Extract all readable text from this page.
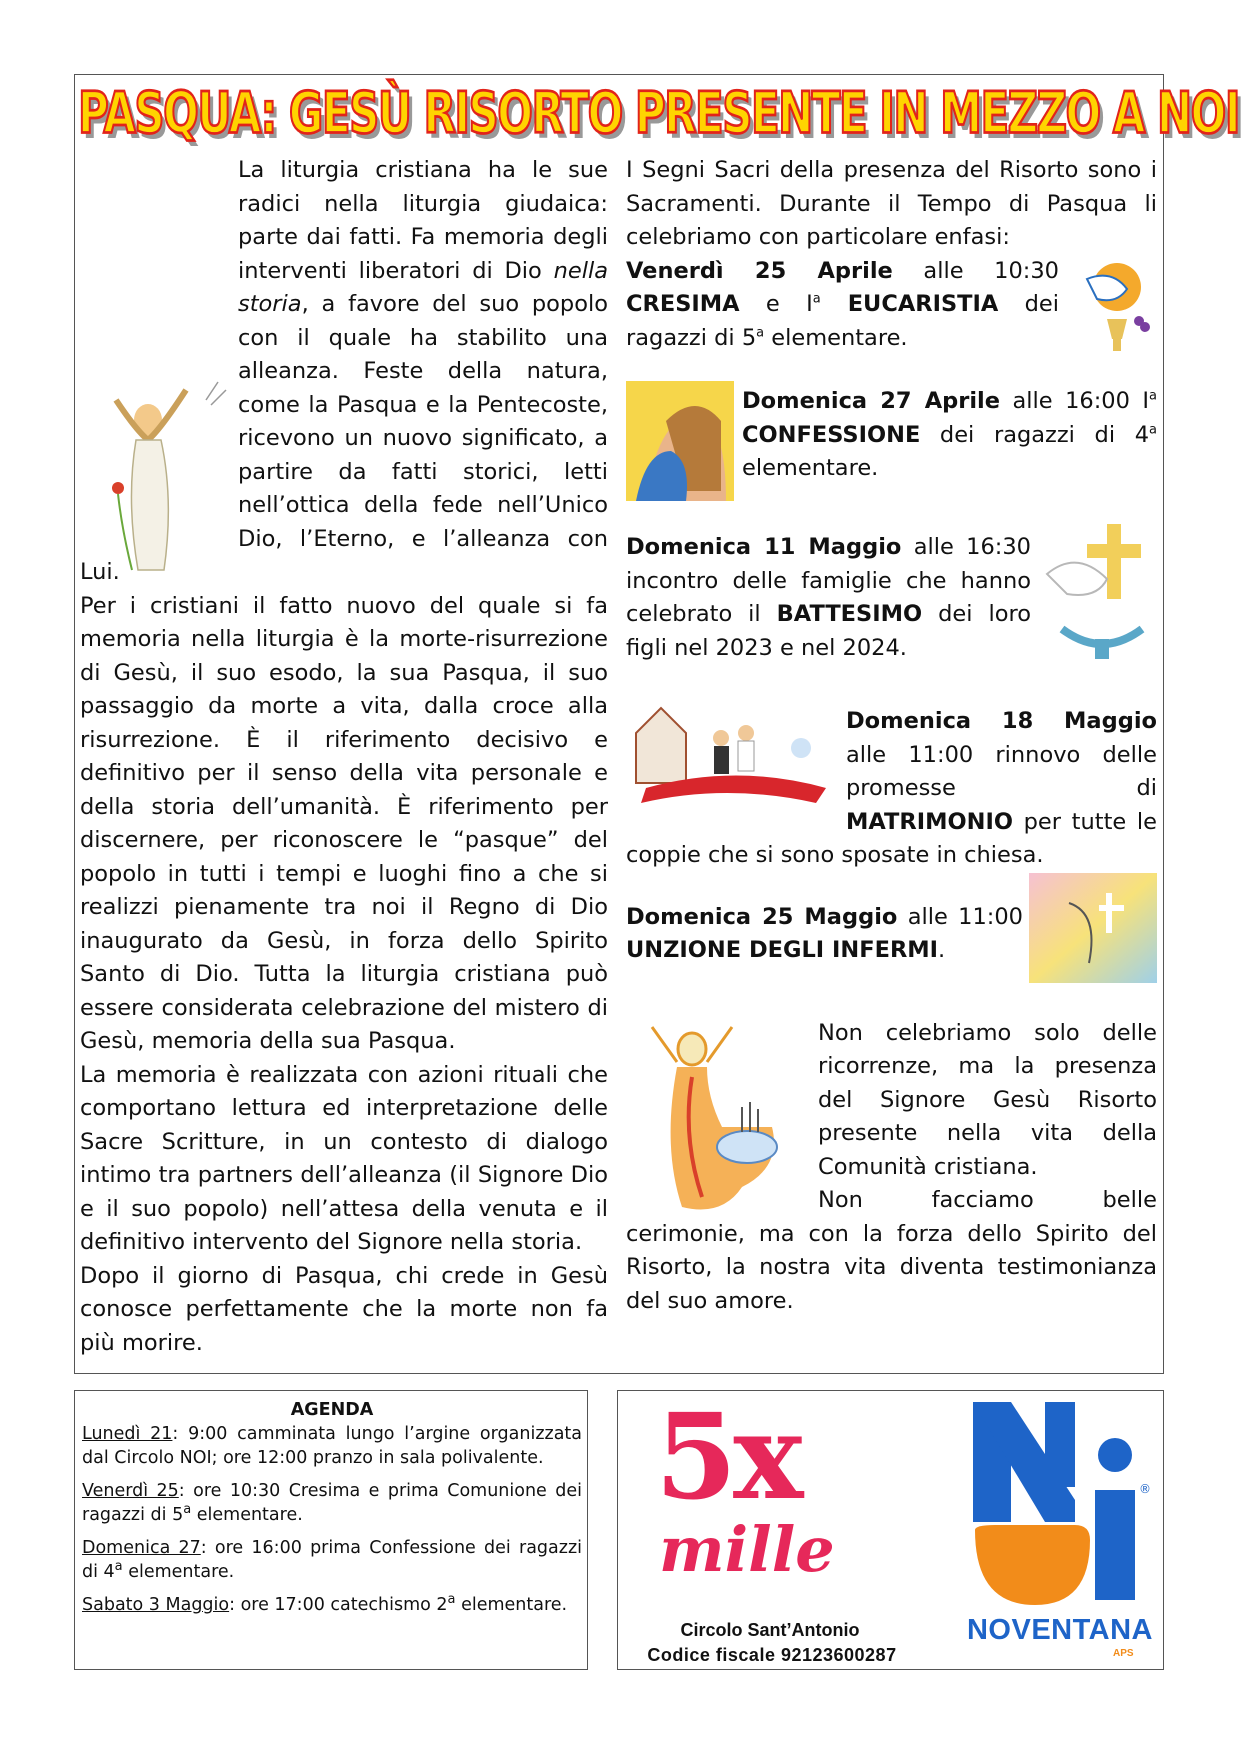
PASQUA: GESÙ RISORTO PRESENTE IN MEZZO A NOI

La liturgia cristiana ha le sue radici nella liturgia giudaica: parte dai fatti. Fa memoria degli interventi liberatori di Dio nella storia, a favore del suo popolo con il quale ha stabilito una alleanza. Feste della natura, come la Pasqua e la Pentecoste, ricevono un nuovo significato, a partire da fatti storici, letti nell’ottica della fede nell’Unico Dio, l’Eterno, e l’alleanza con Lui.

Per i cristiani il fatto nuovo del quale si fa memoria nella liturgia è la morte-risurrezione di Gesù, il suo esodo, la sua Pasqua, il suo passaggio da morte a vita, dalla croce alla risurrezione. È il riferimento decisivo e definitivo per il senso della vita personale e della storia dell’umanità. È riferimento per discernere, per riconoscere le “pasque” del popolo in tutti i tempi e luoghi fino a che si realizzi pienamente tra noi il Regno di Dio inaugurato da Gesù, in forza dello Spirito Santo di Dio. Tutta la liturgia cristiana può essere considerata celebrazione del mistero di Gesù, memoria della sua Pasqua.

La memoria è realizzata con azioni rituali che comportano lettura ed interpretazione delle Sacre Scritture, in un contesto di dialogo intimo tra partners dell’alleanza (il Signore Dio e il suo popolo) nell’attesa della venuta e il definitivo intervento del Signore nella storia.

Dopo il giorno di Pasqua, chi crede in Gesù conosce perfettamente che la morte non fa più morire.

I Segni Sacri della presenza del Risorto sono i Sacramenti. Durante il Tempo di Pasqua li celebriamo con particolare enfasi:

Venerdì 25 Aprile alle 10:30 CRESIMA e $I^a$ EUCARISTIA dei ragazzi di 5$^a$ elementare.

Domenica 27 Aprile alle 16:00 $I^a$ CONFESSIONE dei ragazzi di 4$^a$ elementare.

Domenica 11 Maggio alle 16:30 incontro delle famiglie che hanno celebrato il BATTESIMO dei loro figli nel 2023 e nel 2024.

Domenica 18 Maggio alle 11:00 rinnovo delle promesse di MATRIMONIO per tutte le coppie che si sono sposate in chiesa.

Domenica 25 Maggio alle 11:00 UNZIONE DEGLI INFERMI.

Non celebriamo solo delle ricorrenze, ma la presenza del Signore Gesù Risorto presente nella vita della Comunità cristiana.

Non facciamo belle cerimonie, ma con la forza dello Spirito del Risorto, la nostra vita diventa testimonianza del suo amore.

AGENDA

Lunedì 21: 9:00 camminata lungo l’argine organizzata dal Circolo NOI; ore 12:00 pranzo in sala polivalente.

Venerdì 25: ore 10:30 Cresima e prima Comunione dei ragazzi di 5$^a$ elementare.

Domenica 27: ore 16:00 prima Confessione dei ragazzi di 4$^a$ elementare.

Sabato 3 Maggio: ore 17:00 catechismo 2$^a$ elementare.

5x
mille
Circolo Sant’Antonio
Codice fiscale 92123600287
®
NOVENTANA
APS
